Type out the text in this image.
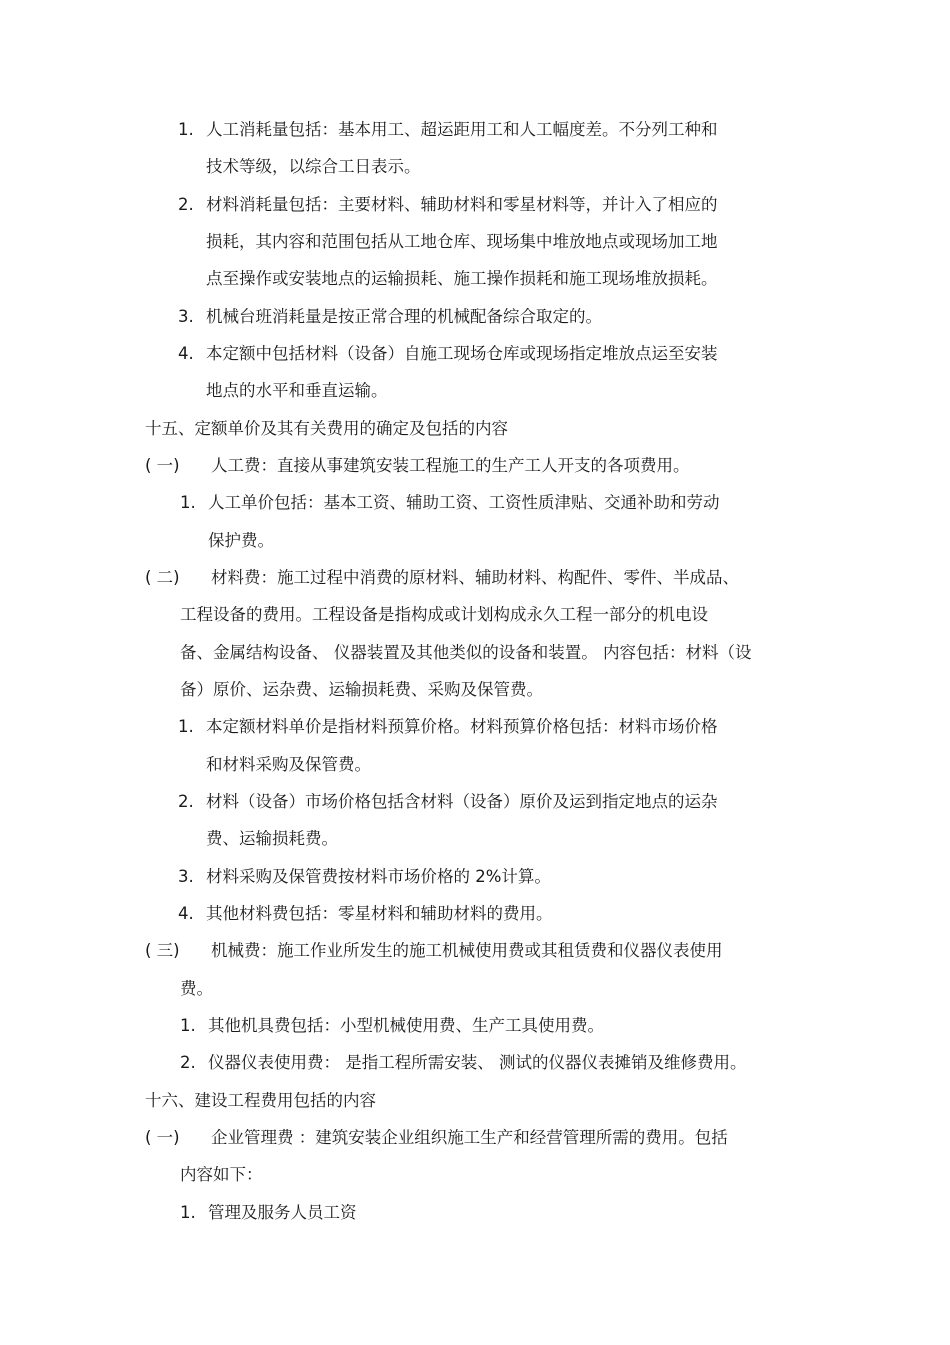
1. 人工消耗量包括：基本用工、超运距用工和人工幅度差。不分列工种和
技术等级，以综合工日表示。
2. 材料消耗量包括：主要材料、辅助材料和零星材料等，并计入了相应的
损耗，其内容和范围包括从工地仓库、现场集中堆放地点或现场加工地
点至操作或安装地点的运输损耗、施工操作损耗和施工现场堆放损耗。
3. 机械台班消耗量是按正常合理的机械配备综合取定的。
4. 本定额中包括材料（设备）自施工现场仓库或现场指定堆放点运至安装
地点的水平和垂直运输。
十五、定额单价及其有关费用的确定及包括的内容
( 一) 人工费：直接从事建筑安装工程施工的生产工人开支的各项费用。
1. 人工单价包括：基本工资、辅助工资、工资性质津贴、交通补助和劳动
保护费。
( 二) 材料费：施工过程中消费的原材料、辅助材料、构配件、零件、半成品、
工程设备的费用。工程设备是指构成或计划构成永久工程一部分的机电设
备、金属结构设备、 仪器装置及其他类似的设备和装置。 内容包括：材料（设
备）原价、运杂费、运输损耗费、采购及保管费。
1. 本定额材料单价是指材料预算价格。材料预算价格包括：材料市场价格
和材料采购及保管费。
2. 材料（设备）市场价格包括含材料（设备）原价及运到指定地点的运杂
费、运输损耗费。
3. 材料采购及保管费按材料市场价格的 2%计算。
4. 其他材料费包括：零星材料和辅助材料的费用。
( 三) 机械费：施工作业所发生的施工机械使用费或其租赁费和仪器仪表使用
费。
1. 其他机具费包括：小型机械使用费、生产工具使用费。
2. 仪器仪表使用费： 是指工程所需安装、 测试的仪器仪表摊销及维修费用。
十六、建设工程费用包括的内容
( 一) 企业管理费 ：建筑安装企业组织施工生产和经营管理所需的费用。包括
内容如下：
1. 管理及服务人员工资
